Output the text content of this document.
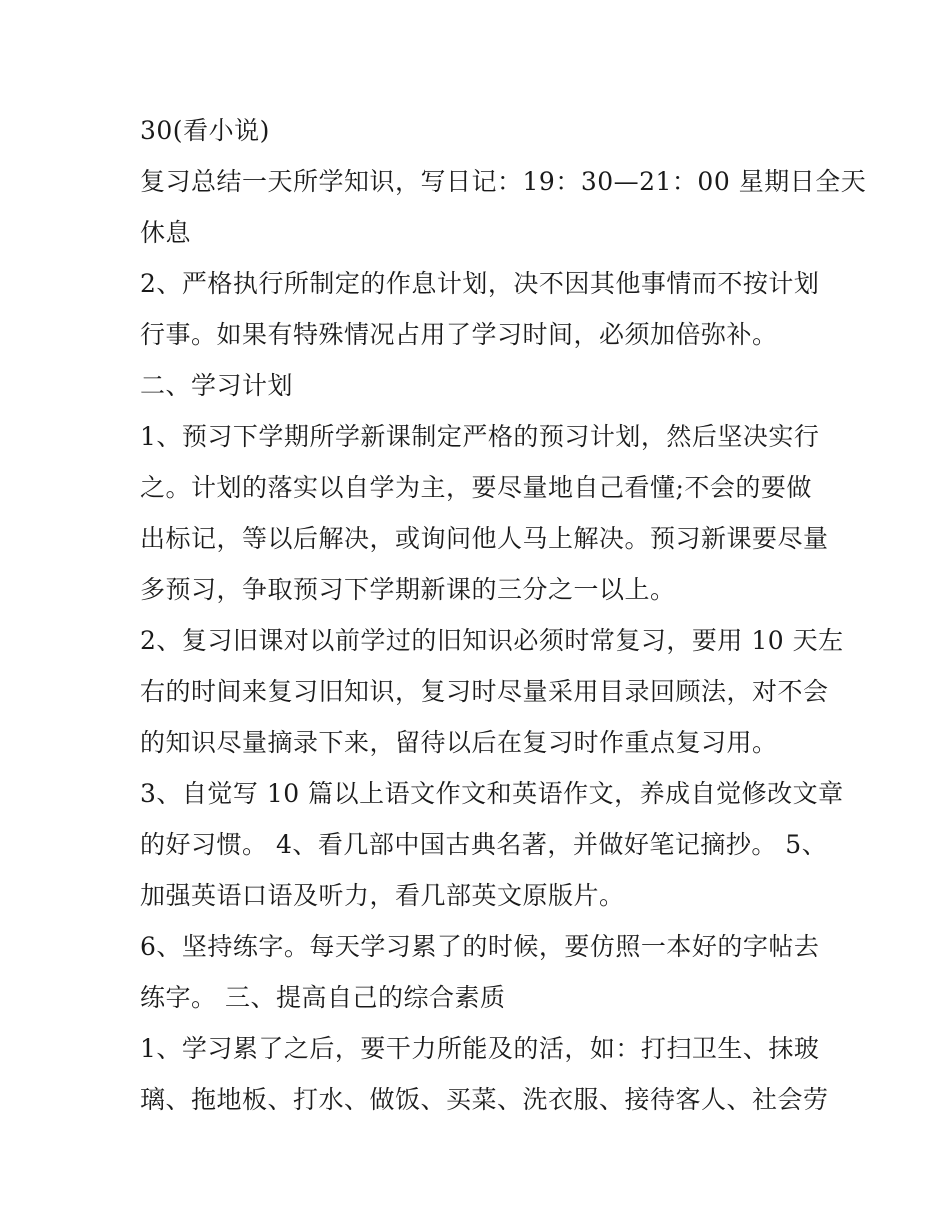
30(看小说)
复习总结一天所学知识，写日记：19：30—21：00 星期日全天
休息
2、严格执行所制定的作息计划，决不因其他事情而不按计划
行事。如果有特殊情况占用了学习时间，必须加倍弥补。
二、学习计划
1、预习下学期所学新课制定严格的预习计划，然后坚决实行
之。计划的落实以自学为主，要尽量地自己看懂;不会的要做
出标记，等以后解决，或询问他人马上解决。预习新课要尽量
多预习，争取预习下学期新课的三分之一以上。
2、复习旧课对以前学过的旧知识必须时常复习，要用 10 天左
右的时间来复习旧知识，复习时尽量采用目录回顾法，对不会
的知识尽量摘录下来，留待以后在复习时作重点复习用。
3、自觉写 10 篇以上语文作文和英语作文，养成自觉修改文章
的好习惯。 4、看几部中国古典名著，并做好笔记摘抄。 5、
加强英语口语及听力，看几部英文原版片。
6、坚持练字。每天学习累了的时候，要仿照一本好的字帖去
练字。 三、提高自己的综合素质
1、学习累了之后，要干力所能及的活，如：打扫卫生、抹玻
璃、拖地板、打水、做饭、买菜、洗衣服、接待客人、社会劳
